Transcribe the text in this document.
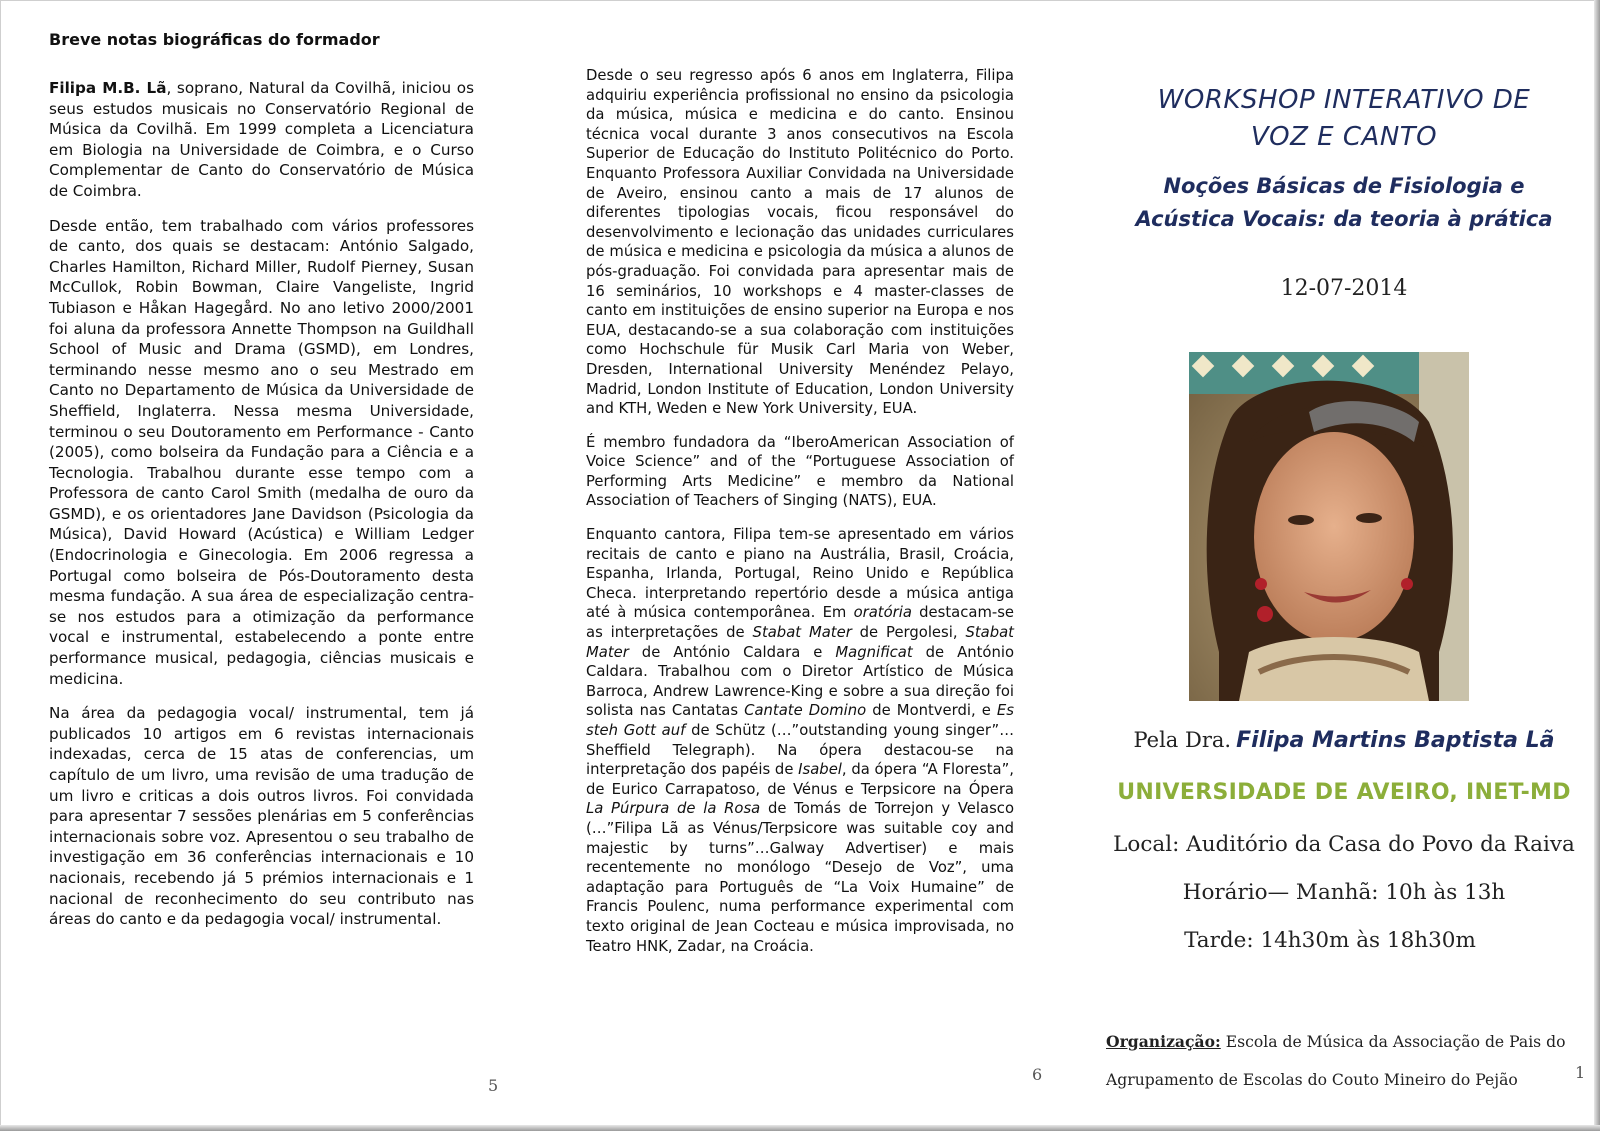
Breve notas biográficas do formador

Filipa M.B. Lã, soprano, Natural da Covilhã, iniciou os seus estudos musicais no Conservatório Regional de Música da Covilhã. Em 1999 completa a Licenciatura em Biologia na Universidade de Coimbra, e o Curso Complementar de Canto do Conservatório de Música de Coimbra.

Desde então, tem trabalhado com vários professores de canto, dos quais se destacam: António Salgado, Charles Hamilton, Richard Miller, Rudolf Pierney, Susan McCullok, Robin Bowman, Claire Vangeliste, Ingrid Tubiason e Håkan Hagegård. No ano letivo 2000/2001 foi aluna da professora Annette Thompson na Guildhall School of Music and Drama (GSMD), em Londres, terminando nesse mesmo ano o seu Mestrado em Canto no Departamento de Música da Universidade de Sheffield, Inglaterra. Nessa mesma Universidade, terminou o seu Doutoramento em Performance - Canto (2005), como bolseira da Fundação para a Ciência e a Tecnologia. Trabalhou durante esse tempo com a Professora de canto Carol Smith (medalha de ouro da GSMD), e os orientadores Jane Davidson (Psicologia da Música), David Howard (Acústica) e William Ledger (Endocrinologia e Ginecologia. Em 2006 regressa a Portugal como bolseira de Pós-Doutoramento desta mesma fundação. A sua área de especialização centra-se nos estudos para a otimização da performance vocal e instrumental, estabelecendo a ponte entre performance musical, pedagogia, ciências musicais e medicina.

Na área da pedagogia vocal/ instrumental, tem já publicados 10 artigos em 6 revistas internacionais indexadas, cerca de 15 atas de conferencias, um capítulo de um livro, uma revisão de uma tradução de um livro e criticas a dois outros livros. Foi convidada para apresentar 7 sessões plenárias em 5 conferências internacionais sobre voz. Apresentou o seu trabalho de investigação em 36 conferências internacionais e 10 nacionais, recebendo já 5 prémios internacionais e 1 nacional de reconhecimento do seu contributo nas áreas do canto e da pedagogia vocal/ instrumental.

5

Desde o seu regresso após 6 anos em Inglaterra, Filipa adquiriu experiência profissional no ensino da psicologia da música, música e medicina e do canto. Ensinou técnica vocal durante 3 anos consecutivos na Escola Superior de Educação do Instituto Politécnico do Porto. Enquanto Professora Auxiliar Convidada na Universidade de Aveiro, ensinou canto a mais de 17 alunos de diferentes tipologias vocais, ficou responsável do desenvolvimento e lecionação das unidades curriculares de música e medicina e psicologia da música a alunos de pós-graduação. Foi convidada para apresentar mais de 16 seminários, 10 workshops e 4 master-classes de canto em instituições de ensino superior na Europa e nos EUA, destacando-se a sua colaboração com instituições como Hochschule für Musik Carl Maria von Weber, Dresden, International University Menéndez Pelayo, Madrid, London Institute of Education, London University and KTH, Weden e New York University, EUA.

É membro fundadora da “IberoAmerican Association of Voice Science” and of the “Portuguese Association of Performing Arts Medicine” e membro da National Association of Teachers of Singing (NATS), EUA.

Enquanto cantora, Filipa tem-se apresentado em vários recitais de canto e piano na Austrália, Brasil, Croácia, Espanha, Irlanda, Portugal, Reino Unido e República Checa. interpretando repertório desde a música antiga até à música contemporânea. Em oratória destacam-se as interpretações de Stabat Mater de Pergolesi, Stabat Mater de António Caldara e Magnificat de António Caldara. Trabalhou com o Diretor Artístico de Música Barroca, Andrew Lawrence-King e sobre a sua direção foi solista nas Cantatas Cantate Domino de Montverdi, e Es steh Gott auf de Schütz (…”outstanding young singer”… Sheffield Telegraph). Na ópera destacou-se na interpretação dos papéis de Isabel, da ópera “A Floresta”, de Eurico Carrapatoso, de Vénus e Terpsicore na Ópera La Púrpura de la Rosa de Tomás de Torrejon y Velasco (…”Filipa Lã as Vénus/Terpsicore was suitable coy and majestic by turns”…Galway Advertiser) e mais recentemente no monólogo “Desejo de Voz”, uma adaptação para Português de “La Voix Humaine” de Francis Poulenc, numa performance experimental com texto original de Jean Cocteau e música improvisada, no Teatro HNK, Zadar, na Croácia.

6
WORKSHOP INTERATIVO DE
VOZ E CANTO
Noções Básicas de Fisiologia e
Acústica Vocais: da teoria à prática
12-07-2014
Pela Dra. Filipa Martins Baptista Lã
UNIVERSIDADE DE AVEIRO, INET-MD
Local: Auditório da Casa do Povo da Raiva
Horário— Manhã: 10h às 13h
Tarde: 14h30m às 18h30m
Organização: Escola de Música da Associação de Pais do
Agrupamento de Escolas do Couto Mineiro do Pejão	1
